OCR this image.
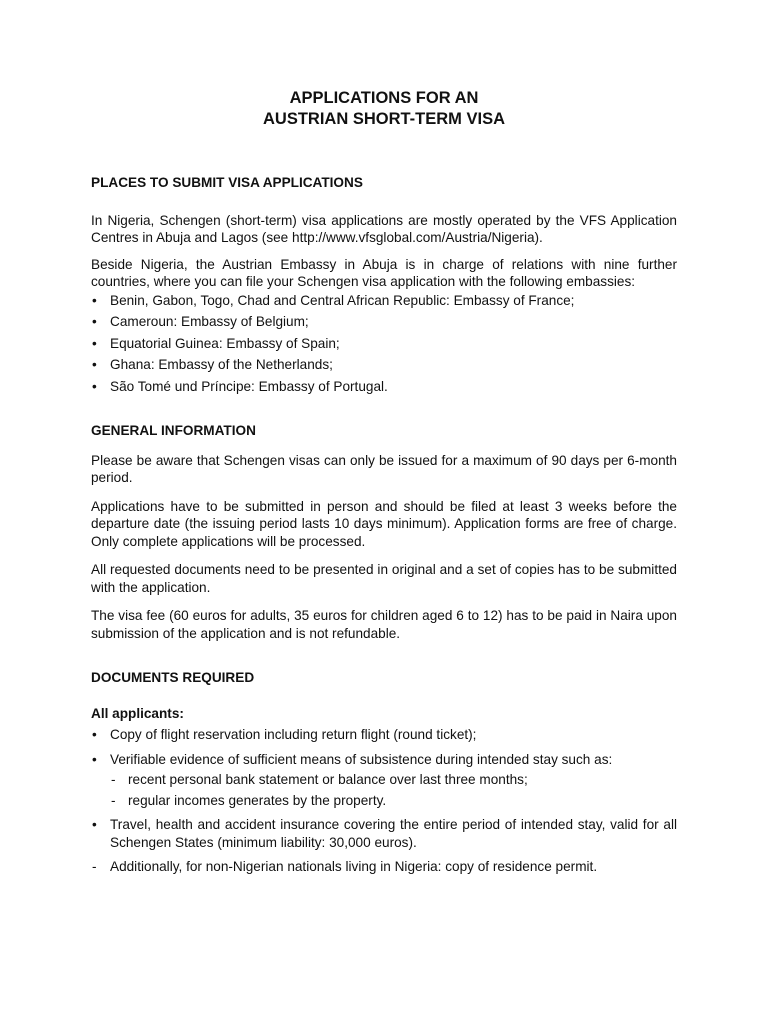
APPLICATIONS FOR AN
AUSTRIAN SHORT-TERM VISA
PLACES TO SUBMIT VISA APPLICATIONS

In Nigeria, Schengen (short-term) visa applications are mostly operated by the VFS Application Centres in Abuja and Lagos (see http://www.vfsglobal.com/Austria/Nigeria).

Beside Nigeria, the Austrian Embassy in Abuja is in charge of relations with nine further countries, where you can file your Schengen visa application with the following embassies:

• Benin, Gabon, Togo, Chad and Central African Republic: Embassy of France;
• Cameroun: Embassy of Belgium;
• Equatorial Guinea: Embassy of Spain;
• Ghana: Embassy of the Netherlands;
• São Tomé und Príncipe: Embassy of Portugal.
GENERAL INFORMATION

Please be aware that Schengen visas can only be issued for a maximum of 90 days per 6-month period.

Applications have to be submitted in person and should be filed at least 3 weeks before the departure date (the issuing period lasts 10 days minimum). Application forms are free of charge. Only complete applications will be processed.

All requested documents need to be presented in original and a set of copies has to be submitted with the application.

The visa fee (60 euros for adults, 35 euros for children aged 6 to 12) has to be paid in Naira upon submission of the application and is not refundable.

DOCUMENTS REQUIRED
All applicants:
• Copy of flight reservation including return flight (round ticket);
• Verifiable evidence of sufficient means of subsistence during intended stay such as:
- recent personal bank statement or balance over last three months;
- regular incomes generates by the property.
• Travel, health and accident insurance covering the entire period of intended stay, valid for all Schengen States (minimum liability: 30,000 euros).
- Additionally, for non-Nigerian nationals living in Nigeria: copy of residence permit.
